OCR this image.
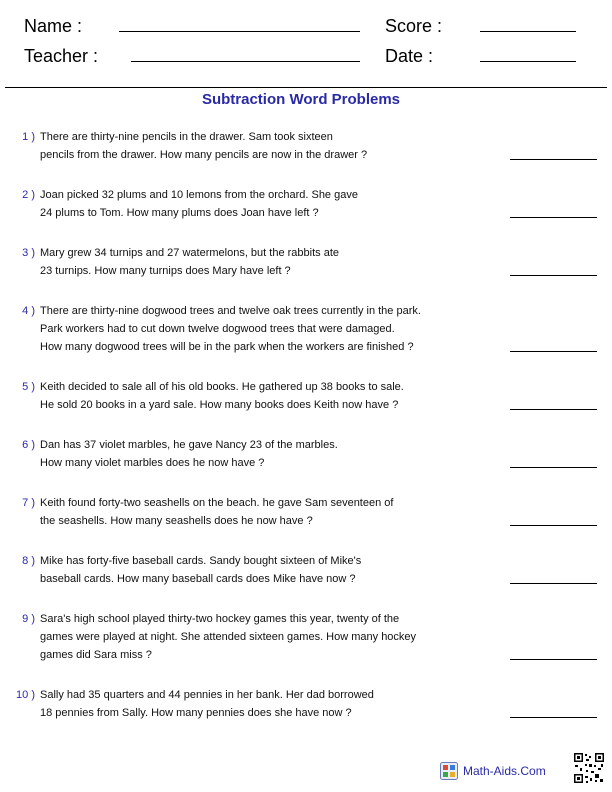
Name :	Score :
Teacher :	Date :
Subtraction Word Problems
1 ) There are thirty-nine pencils in the drawer. Sam took sixteen
pencils from the drawer. How many pencils are now in the drawer ?
2 ) Joan picked 32 plums and 10 lemons from the orchard. She gave
24 plums to Tom. How many plums does Joan have left ?
3 ) Mary grew 34 turnips and 27 watermelons, but the rabbits ate
23 turnips. How many turnips does Mary have left ?
4 ) There are thirty-nine dogwood trees and twelve oak trees currently in the park.
Park workers had to cut down twelve dogwood trees that were damaged.
How many dogwood trees will be in the park when the workers are finished ?
5 ) Keith decided to sale all of his old books. He gathered up 38 books to sale.
He sold 20 books in a yard sale. How many books does Keith now have ?
6 ) Dan has 37 violet marbles, he gave Nancy 23 of the marbles.
How many violet marbles does he now have ?
7 ) Keith found forty-two seashells on the beach. he gave Sam seventeen of
the seashells. How many seashells does he now have ?
8 ) Mike has forty-five baseball cards. Sandy bought sixteen of Mike's
baseball cards. How many baseball cards does Mike have now ?
9 ) Sara's high school played thirty-two hockey games this year, twenty of the
games were played at night. She attended sixteen games. How many hockey
games did Sara miss ?
10 ) Sally had 35 quarters and 44 pennies in her bank. Her dad borrowed
18 pennies from Sally. How many pennies does she have now ?
Math-Aids.Com
